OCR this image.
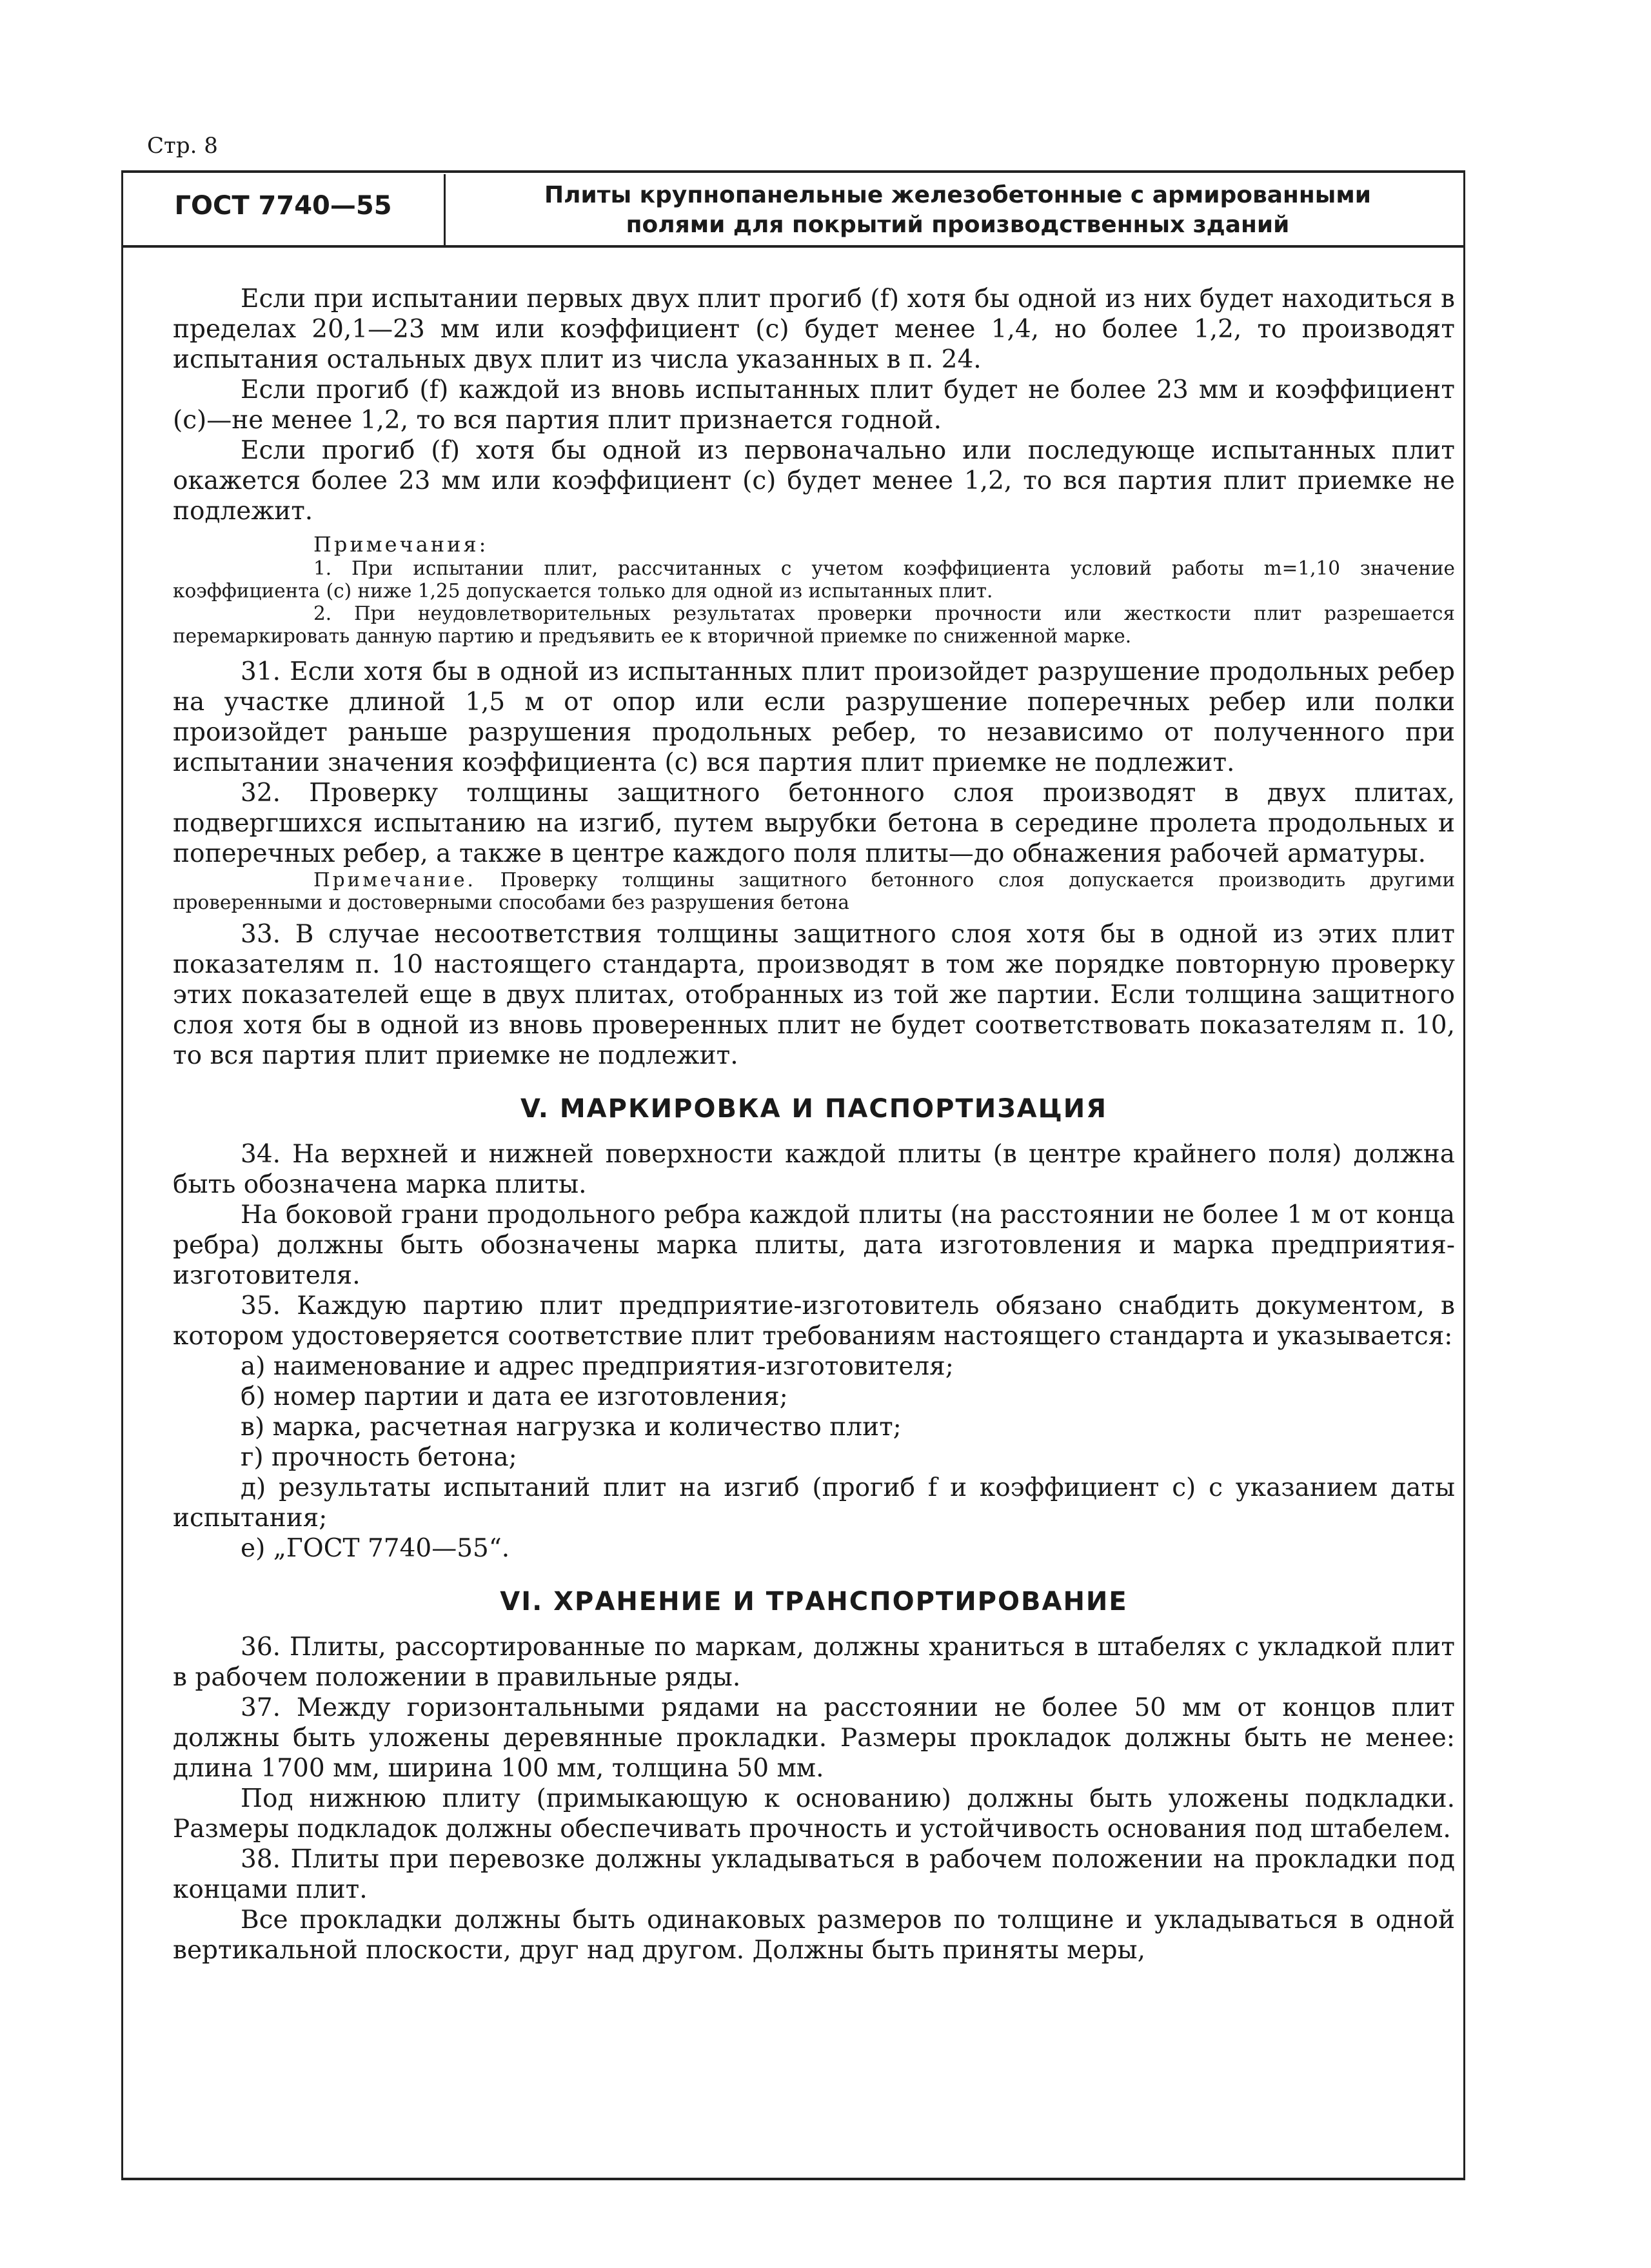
Стр. 8
ГОСТ 7740—55	Плиты крупнопанельные железобетонные с армированными
полями для покрытий производственных зданий

Если при испытании первых двух плит прогиб (f) хотя бы одной из них будет находиться в пределах 20,1—23 мм или коэффициент (c) будет менее 1,4, но более 1,2, то производят испытания остальных двух плит из числа указанных в п. 24.

Если прогиб (f) каждой из вновь испытанных плит будет не более 23 мм и коэффициент (c)—не менее 1,2, то вся партия плит признается годной.

Если прогиб (f) хотя бы одной из первоначально или последующе испытанных плит окажется более 23 мм или коэффициент (c) будет менее 1,2, то вся партия плит приемке не подлежит.

Примечания:

1. При испытании плит, рассчитанных с учетом коэффициента условий работы m=1,10 значение коэффициента (c) ниже 1,25 допускается только для одной из испытанных плит.

2. При неудовлетворительных результатах проверки прочности или жесткости плит разрешается перемаркировать данную партию и предъявить ее к вторичной приемке по сниженной марке.

31. Если хотя бы в одной из испытанных плит произойдет разрушение продольных ребер на участке длиной 1,5 м от опор или если разрушение поперечных ребер или полки произойдет раньше разрушения продольных ребер, то независимо от полученного при испытании значения коэффициента (c) вся партия плит приемке не подлежит.

32. Проверку толщины защитного бетонного слоя производят в двух плитах, подвергшихся испытанию на изгиб, путем вырубки бетона в середине пролета продольных и поперечных ребер, а также в центре каждого поля плиты—до обнажения рабочей арматуры.

Примечание. Проверку толщины защитного бетонного слоя допускается производить другими проверенными и достоверными способами без разрушения бетона

33. В случае несоответствия толщины защитного слоя хотя бы в одной из этих плит показателям п. 10 настоящего стандарта, производят в том же порядке повторную проверку этих показателей еще в двух плитах, отобранных из той же партии. Если толщина защитного слоя хотя бы в одной из вновь проверенных плит не будет соответствовать показателям п. 10, то вся партия плит приемке не подлежит.

V. МАРКИРОВКА И ПАСПОРТИЗАЦИЯ

34. На верхней и нижней поверхности каждой плиты (в центре крайнего поля) должна быть обозначена марка плиты.

На боковой грани продольного ребра каждой плиты (на расстоянии не более 1 м от конца ребра) должны быть обозначены марка плиты, дата изготовления и марка предприятия-изготовителя.

35. Каждую партию плит предприятие-изготовитель обязано снабдить документом, в котором удостоверяется соответствие плит требованиям настоящего стандарта и указывается:

а) наименование и адрес предприятия-изготовителя;
б) номер партии и дата ее изготовления;
в) марка, расчетная нагрузка и количество плит;
г) прочность бетона;
д) результаты испытаний плит на изгиб (прогиб f и коэффициент c) с указанием даты испытания;
е) „ГОСТ 7740—55“.
VI. ХРАНЕНИЕ И ТРАНСПОРТИРОВАНИЕ

36. Плиты, рассортированные по маркам, должны храниться в штабелях с укладкой плит в рабочем положении в правильные ряды.

37. Между горизонтальными рядами на расстоянии не более 50 мм от концов плит должны быть уложены деревянные прокладки. Размеры прокладок должны быть не менее: длина 1700 мм, ширина 100 мм, толщина 50 мм.

Под нижнюю плиту (примыкающую к основанию) должны быть уложены подкладки. Размеры подкладок должны обеспечивать прочность и устойчивость основания под штабелем.

38. Плиты при перевозке должны укладываться в рабочем положении на прокладки под концами плит.

Все прокладки должны быть одинаковых размеров по толщине и укладываться в одной вертикальной плоскости, друг над другом. Должны быть приняты меры,
